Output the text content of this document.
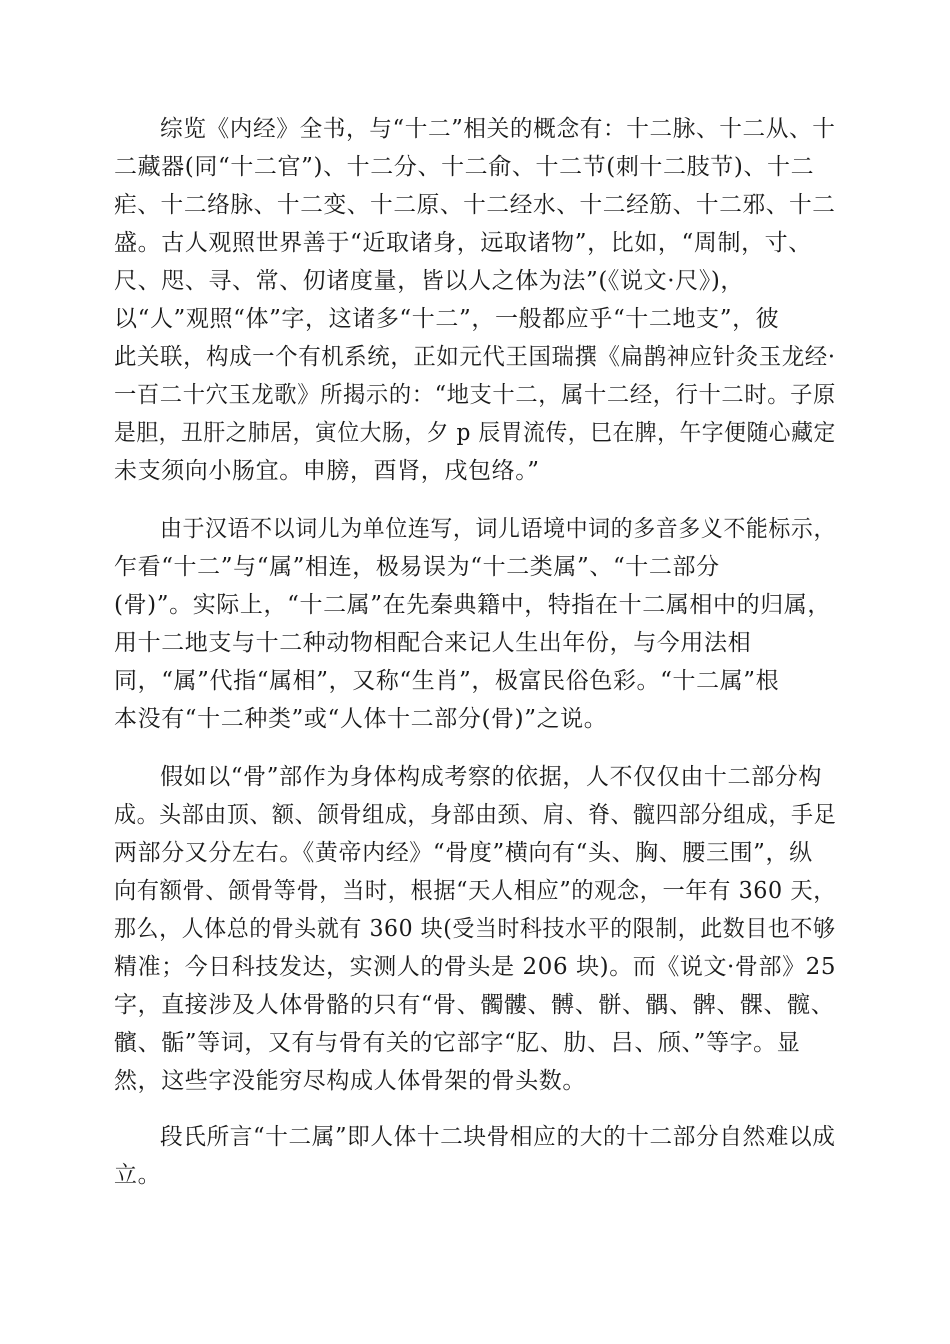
综览《内经》全书，与“十二”相关的概念有：十二脉、十二从、十
二藏器(同“十二官”)、十二分、十二俞、十二节(刺十二肢节)、十二
疟、十二络脉、十二变、十二原、十二经水、十二经筋、十二邪、十二
盛。古人观照世界善于“近取诸身，远取诸物”，比如，“周制，寸、
尺、咫、寻、常、仞诸度量，皆以人之体为法”(《说文·尺》)，
以“人”观照“体”字，这诸多“十二”，一般都应乎“十二地支”，彼
此关联，构成一个有机系统，正如元代王国瑞撰《扁鹊神应针灸玉龙经·
一百二十穴玉龙歌》所揭示的：“地支十二，属十二经，行十二时。子原
是胆，丑肝之肺居，寅位大肠，夕 p 辰胃流传，巳在脾，午字便随心藏定
未支须向小肠宜。申膀，酉肾，戌包络。”
由于汉语不以词儿为单位连写，词儿语境中词的多音多义不能标示，
乍看“十二”与“属”相连，极易误为“十二类属”、“十二部分
(骨)”。实际上，“十二属”在先秦典籍中，特指在十二属相中的归属，
用十二地支与十二种动物相配合来记人生出年份，与今用法相
同，“属”代指“属相”，又称“生肖”，极富民俗色彩。“十二属”根
本没有“十二种类”或“人体十二部分(骨)”之说。
假如以“骨”部作为身体构成考察的依据，人不仅仅由十二部分构
成。头部由顶、额、颌骨组成，身部由颈、肩、脊、髋四部分组成，手足
两部分又分左右。《黄帝内经》“骨度”横向有“头、胸、腰三围”，纵
向有额骨、颌骨等骨，当时，根据“天人相应”的观念，一年有 360 天，
那么，人体总的骨头就有 360 块(受当时科技水平的限制，此数目也不够
精准；今日科技发达，实测人的骨头是 206 块)。而《说文·骨部》25
字，直接涉及人体骨骼的只有“骨、髑髏、髆、骿、髃、髀、髁、髋、
髕、骺”等词，又有与骨有关的它部字“肊、肋、吕、颀、”等字。显
然，这些字没能穷尽构成人体骨架的骨头数。
段氏所言“十二属”即人体十二块骨相应的大的十二部分自然难以成
立。
